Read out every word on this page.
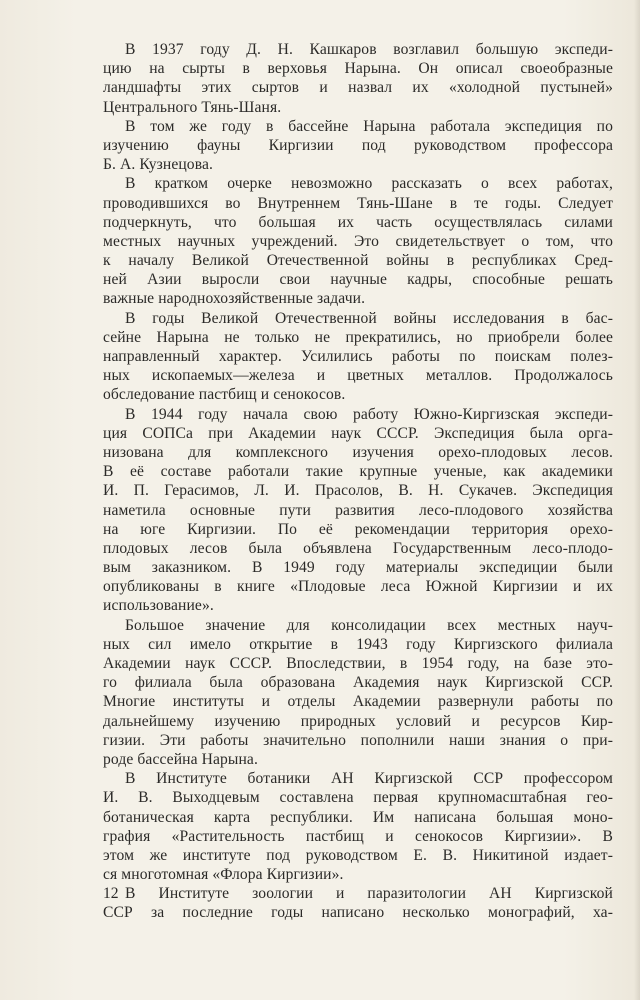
В 1937 году Д. Н. Кашкаров возглавил большую экспеди-
цию на сырты в верховья Нарына. Он описал своеобразные
ландшафты этих сыртов и назвал их «холодной пустыней»
Центрального Тянь-Шаня.
В том же году в бассейне Нарына работала экспедиция по
изучению фауны Киргизии под руководством профессора
Б. А. Кузнецова.
В кратком очерке невозможно рассказать о всех работах,
проводившихся во Внутреннем Тянь-Шане в те годы. Следует
подчеркнуть, что большая их часть осуществлялась силами
местных научных учреждений. Это свидетельствует о том, что
к началу Великой Отечественной войны в республиках Сред-
ней Азии выросли свои научные кадры, способные решать
важные народнохозяйственные задачи.
В годы Великой Отечественной войны исследования в бас-
сейне Нарына не только не прекратились, но приобрели более
направленный характер. Усилились работы по поискам полез-
ных ископаемых—железа и цветных металлов. Продолжалось
обследование пастбищ и сенокосов.
В 1944 году начала свою работу Южно-Киргизская экспеди-
ция СОПСа при Академии наук СССР. Экспедиция была орга-
низована для комплексного изучения орехо-плодовых лесов.
В её составе работали такие крупные ученые, как академики
И. П. Герасимов, Л. И. Прасолов, В. Н. Сукачев. Экспедиция
наметила основные пути развития лесо-плодового хозяйства
на юге Киргизии. По её рекомендации территория орехо-
плодовых лесов была объявлена Государственным лесо-плодо-
вым заказником. В 1949 году материалы экспедиции были
опубликованы в книге «Плодовые леса Южной Киргизии и их
использование».
Большое значение для консолидации всех местных науч-
ных сил имело открытие в 1943 году Киргизского филиала
Академии наук СССР. Впоследствии, в 1954 году, на базе это-
го филиала была образована Академия наук Киргизской ССР.
Многие институты и отделы Академии развернули работы по
дальнейшему изучению природных условий и ресурсов Кир-
гизии. Эти работы значительно пополнили наши знания о при-
роде бассейна Нарына.
В Институте ботаники АН Киргизской ССР профессором
И. В. Выходцевым составлена первая крупномасштабная гео-
ботаническая карта республики. Им написана большая моно-
графия «Растительность пастбищ и сенокосов Киргизии». В
этом же институте под руководством Е. В. Никитиной издает-
ся многотомная «Флора Киргизии».
В Институте зоологии и паразитологии АН Киргизской
ССР за последние годы написано несколько монографий, ха-
12
